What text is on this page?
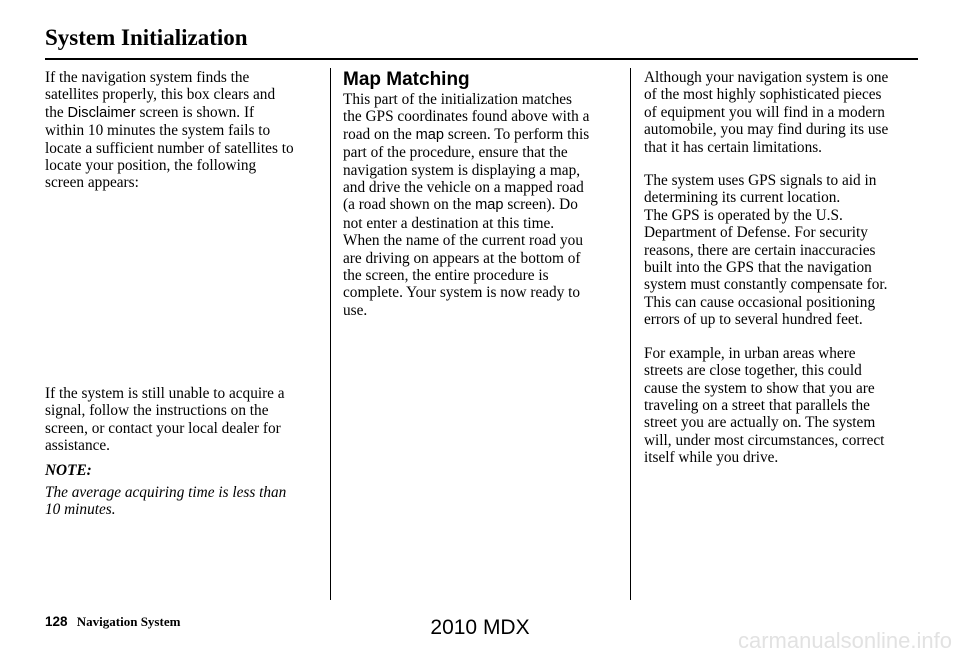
System Initialization

If the navigation system finds the
satellites properly, this box clears and
the Disclaimer screen is shown. If
within 10 minutes the system fails to
locate a sufficient number of satellites to
locate your position, the following
screen appears:

If the system is still unable to acquire a
signal, follow the instructions on the
screen, or contact your local dealer for
assistance.

NOTE:

The average acquiring time is less than
10 minutes.

Map Matching

This part of the initialization matches
the GPS coordinates found above with a
road on the map screen. To perform this
part of the procedure, ensure that the
navigation system is displaying a map,
and drive the vehicle on a mapped road
(a road shown on the map screen). Do
not enter a destination at this time.
When the name of the current road you
are driving on appears at the bottom of
the screen, the entire procedure is
complete. Your system is now ready to
use.

Although your navigation system is one
of the most highly sophisticated pieces
of equipment you will find in a modern
automobile, you may find during its use
that it has certain limitations.

The system uses GPS signals to aid in
determining its current location.
The GPS is operated by the U.S.
Department of Defense. For security
reasons, there are certain inaccuracies
built into the GPS that the navigation
system must constantly compensate for.
This can cause occasional positioning
errors of up to several hundred feet.

For example, in urban areas where
streets are close together, this could
cause the system to show that you are
traveling on a street that parallels the
street you are actually on. The system
will, under most circumstances, correct
itself while you drive.

128 Navigation System	2010 MDX
carmanualsonline.info
